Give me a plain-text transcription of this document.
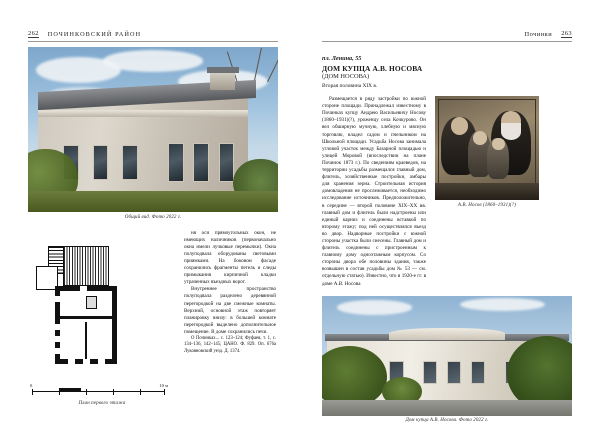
262 ПОЧИНКОВСКИЙ РАЙОН
Общий вид. Фото 2022 г.
0	10 м
План первого этажа

ня оси прямоугольных окон, не имеющих наличников (первоначально окна имели лучковые перемычки). Окна полуподвала оборудованы световыми приямками. На боковом фасаде сохранились фрагменты петель и следы примыкания кирпичной кладки утраченных въездных ворот.

Внутреннее пространство полуподвала разделено деревянной перегородкой на две смежные комнаты. Верхний, основной этаж повторяет планировку внизу: в большей комнате перегородкой выделено дополнительное помещение. В доме сохранились печи.

О Починках... с. 123–124; Фуфаев, т. 1, с. 134–136, 142–145; ЦАНО. Ф. 829. Оп. 676а Лукояновский уезд. Д. 1374.

Починки 263

пл. Ленина, 55

ДОМ КУПЦА А.В. НОСОВА

(ДОМ НОСОВА)

Вторая половина XIX в.

Размещается в ряду застройки по южной стороне площади. Принадлежал известному в Починках купцу Андрею Васильевичу Носову (1860–1931)(?), уроженцу села Кочкурово. Он вел обширную мучную, хлебную и мясную торговлю, владел садом и пчельником на Школьной площади. Усадьба Носова занимала угловой участок между Базарной площадью и улицей Моровой (впоследствии на плане Починок 1873 г.). По сведениям краеведов, на территории усадьбы размещался главный дом, флигель, хозяйственные постройки, амбары для хранения зерна. Строительная история домовладения не прослеживается, необходимо исследование источников. Предположительно, в середине — второй половине XIX–XX вв. главный дом и флигель были надстроены или единый карниз и соединены вставкой по второму этажу; под ней осуществлялся въезд во двор. Надворные постройки с южной стороны участка были снесены. Главный дом и флигель соединены с пристроенным к главному дому одноэтажным корпусом. Со стороны двора обе половины здания, также возвышен в состав усадьбы дом № 53 — см. отдельную статью). Известно, что в 1920-е гг. в доме А.В. Носова

А.В. Носов (1860–1931)(?)
Дом купца А.В. Носова. Фото 2022 г.
